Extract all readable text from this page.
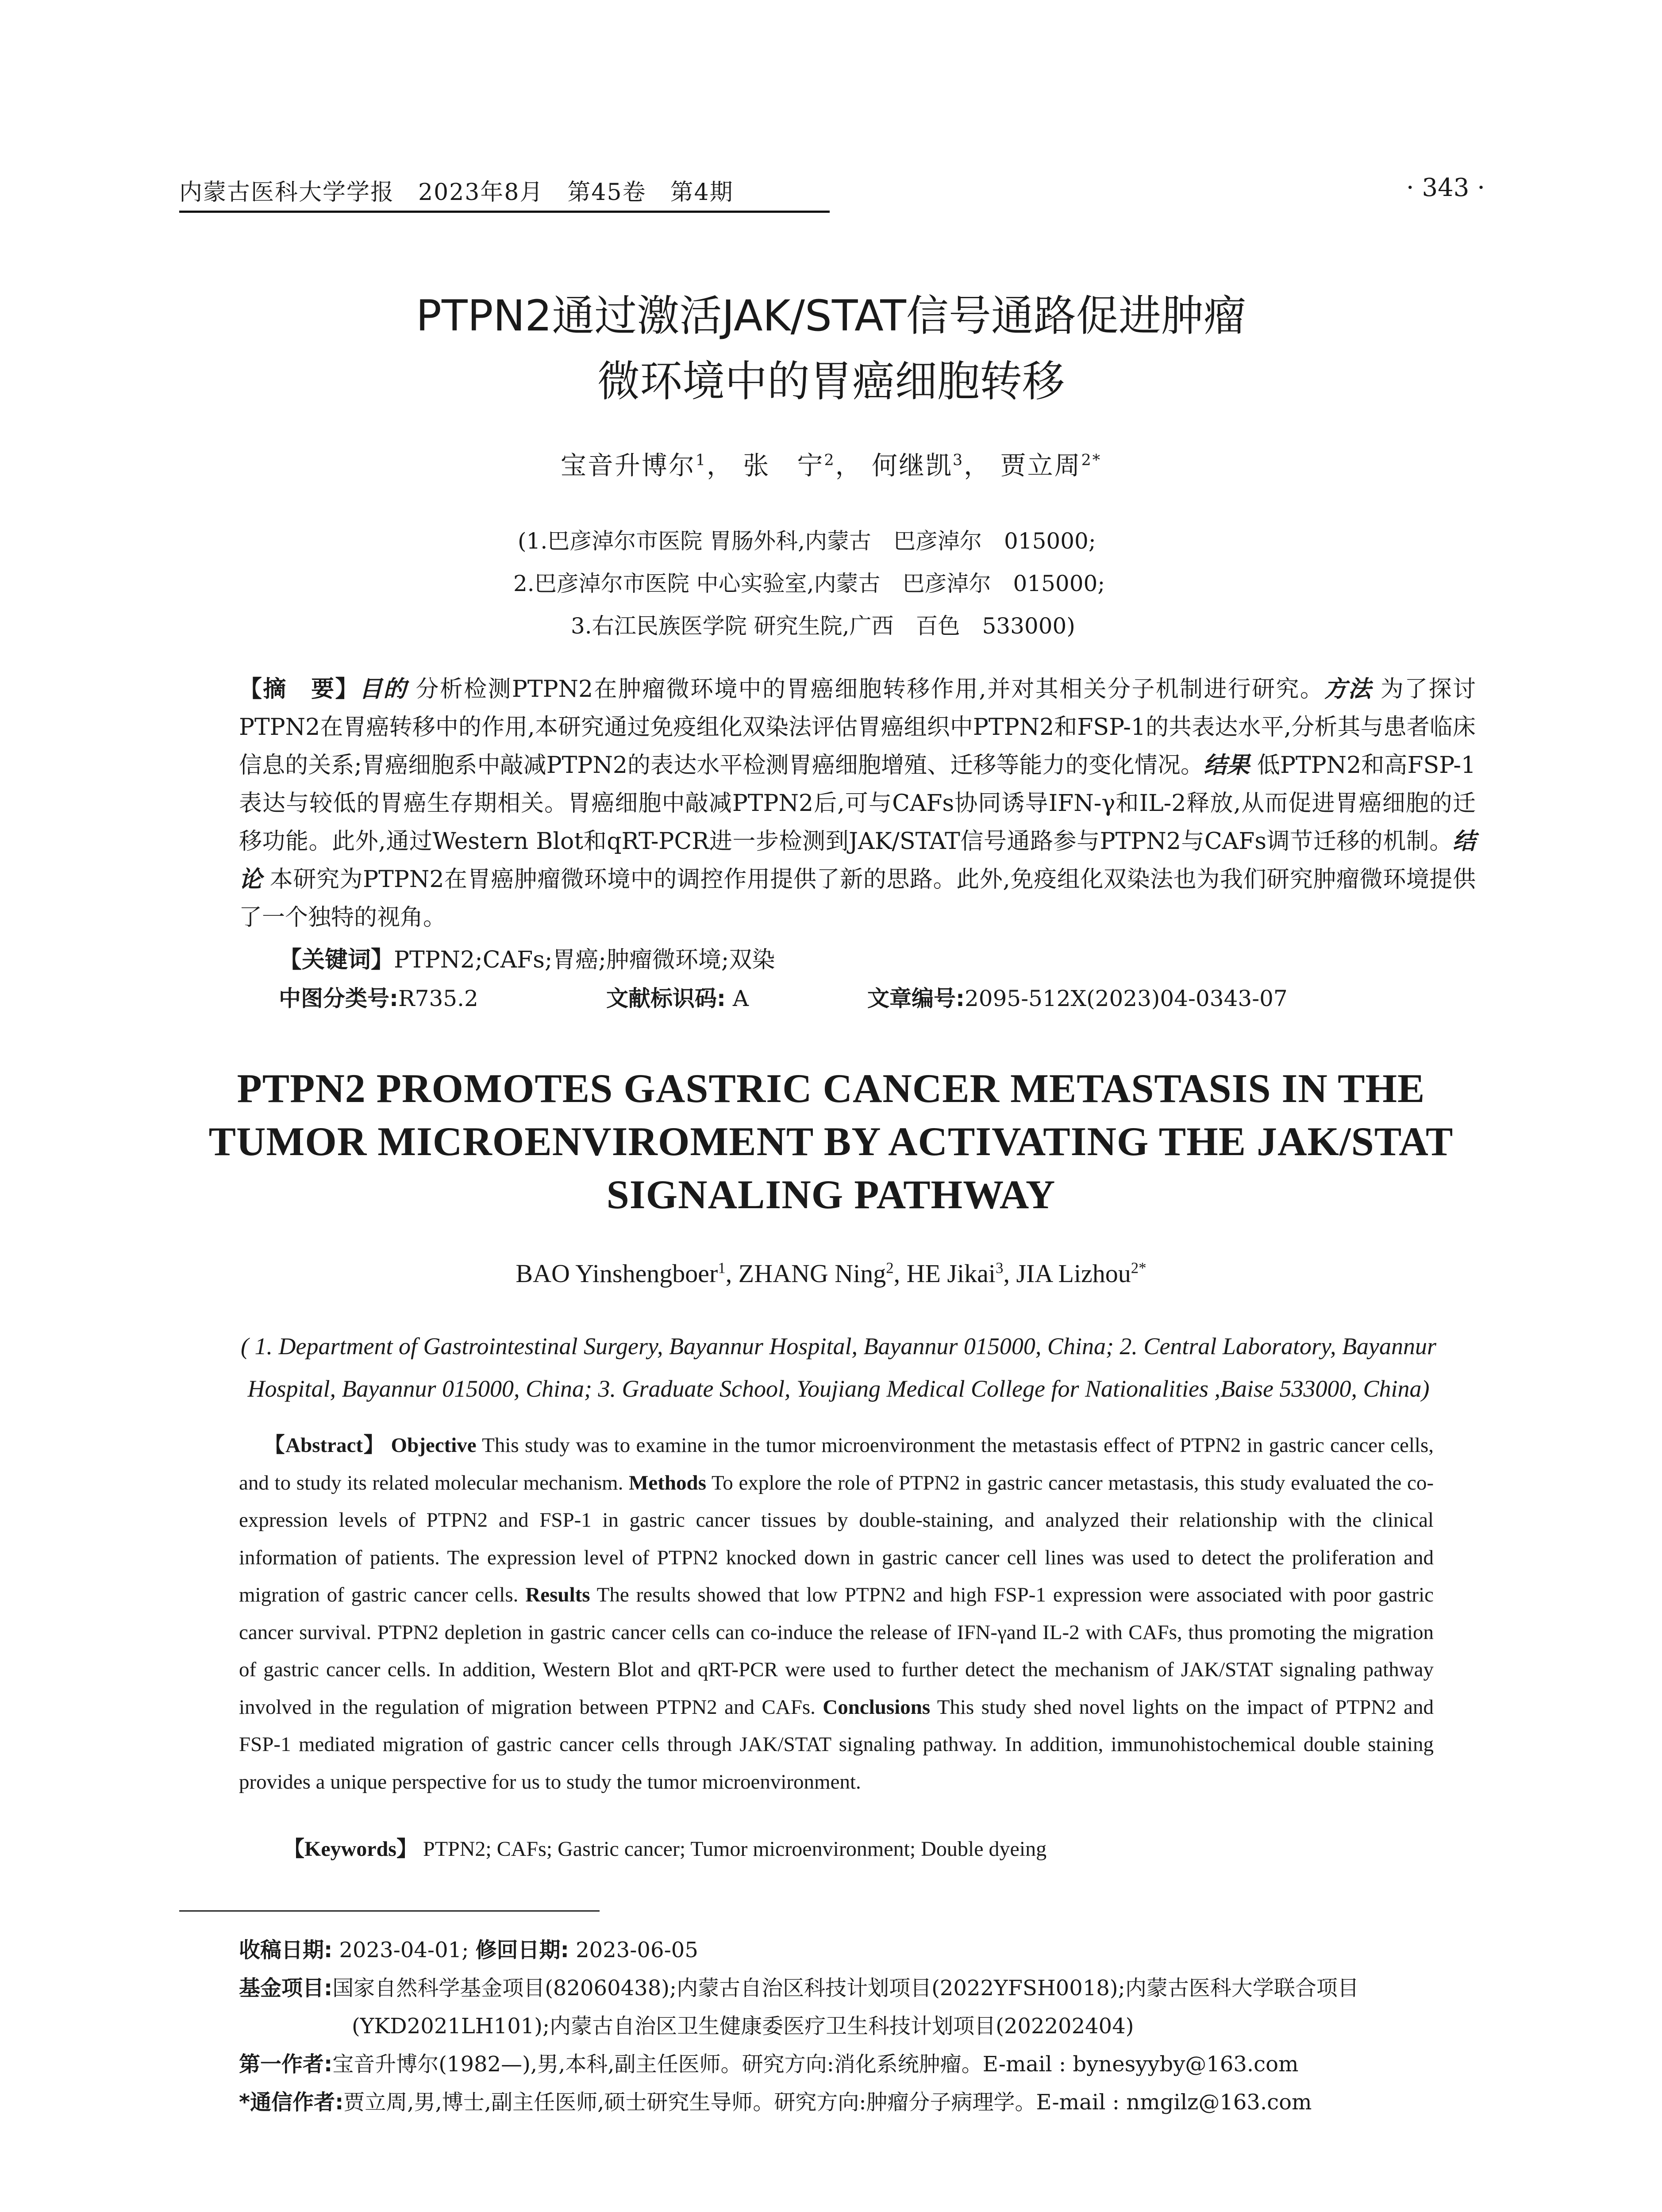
内蒙古医科大学学报　2023年8月　第45卷　第4期	· 343 ·
PTPN2通过激活JAK/STAT信号通路促进肿瘤
微环境中的胃癌细胞转移
宝音升博尔$^1$， 张　宁$^2$， 何继凯$^3$， 贾立周$^{2*}$
(1.巴彦淖尔市医院 胃肠外科,内蒙古　巴彦淖尔　015000;
2.巴彦淖尔市医院 中心实验室,内蒙古　巴彦淖尔　015000;
3.右江民族医学院 研究生院,广西　百色　533000)
【摘　要】目的 分析检测PTPN2在肿瘤微环境中的胃癌细胞转移作用,并对其相关分子机制进行研究。方法 为了探讨PTPN2在胃癌转移中的作用,本研究通过免疫组化双染法评估胃癌组织中PTPN2和FSP-1的共表达水平,分析其与患者临床信息的关系;胃癌细胞系中敲减PTPN2的表达水平检测胃癌细胞增殖、迁移等能力的变化情况。结果 低PTPN2和高FSP-1表达与较低的胃癌生存期相关。胃癌细胞中敲减PTPN2后,可与CAFs协同诱导IFN-γ和IL-2释放,从而促进胃癌细胞的迁移功能。此外,通过Western Blot和qRT-PCR进一步检测到JAK/STAT信号通路参与PTPN2与CAFs调节迁移的机制。结论 本研究为PTPN2在胃癌肿瘤微环境中的调控作用提供了新的思路。此外,免疫组化双染法也为我们研究肿瘤微环境提供了一个独特的视角。
【关键词】PTPN2;CAFs;胃癌;肿瘤微环境;双染
中图分类号:R735.2	文献标识码: A	文章编号:2095-512X(2023)04-0343-07
PTPN2 PROMOTES GASTRIC CANCER METASTASIS IN THE
TUMOR MICROENVIROMENT BY ACTIVATING THE JAK/STAT
SIGNALING PATHWAY
BAO Yinshengboer$^1$, ZHANG Ning$^2$, HE Jikai$^3$, JIA Lizhou$^{2*}$
( 1. Department of Gastrointestinal Surgery, Bayannur Hospital, Bayannur 015000, China; 2. Central Laboratory, Bayannur Hospital, Bayannur 015000, China; 3. Graduate School, Youjiang Medical College for Nationalities ,Baise 533000, China)
【Abstract】 Objective This study was to examine in the tumor microenvironment the metastasis effect of PTPN2 in gastric cancer cells, and to study its related molecular mechanism. Methods To explore the role of PTPN2 in gastric cancer metastasis, this study evaluated the co-expression levels of PTPN2 and FSP-1 in gastric cancer tissues by double-staining, and analyzed their relationship with the clinical information of patients. The expression level of PTPN2 knocked down in gastric cancer cell lines was used to detect the proliferation and migration of gastric cancer cells. Results The results showed that low PTPN2 and high FSP-1 expression were associated with poor gastric cancer survival. PTPN2 depletion in gastric cancer cells can co-induce the release of IFN-γand IL-2 with CAFs, thus promoting the migration of gastric cancer cells. In addition, Western Blot and qRT-PCR were used to further detect the mechanism of JAK/STAT signaling pathway involved in the regulation of migration between PTPN2 and CAFs. Conclusions This study shed novel lights on the impact of PTPN2 and FSP-1 mediated migration of gastric cancer cells through JAK/STAT signaling pathway. In addition, immunohistochemical double staining provides a unique perspective for us to study the tumor microenvironment.
【Keywords】 PTPN2; CAFs; Gastric cancer; Tumor microenvironment; Double dyeing
收稿日期: 2023-04-01; 修回日期: 2023-06-05
基金项目:国家自然科学基金项目(82060438);内蒙古自治区科技计划项目(2022YFSH0018);内蒙古医科大学联合项目(YKD2021LH101);内蒙古自治区卫生健康委医疗卫生科技计划项目(202202404)
第一作者:宝音升博尔(1982—),男,本科,副主任医师。研究方向:消化系统肿瘤。E-mail : bynesyyby@163.com
*通信作者:贾立周,男,博士,副主任医师,硕士研究生导师。研究方向:肿瘤分子病理学。E-mail : nmgilz@163.com
